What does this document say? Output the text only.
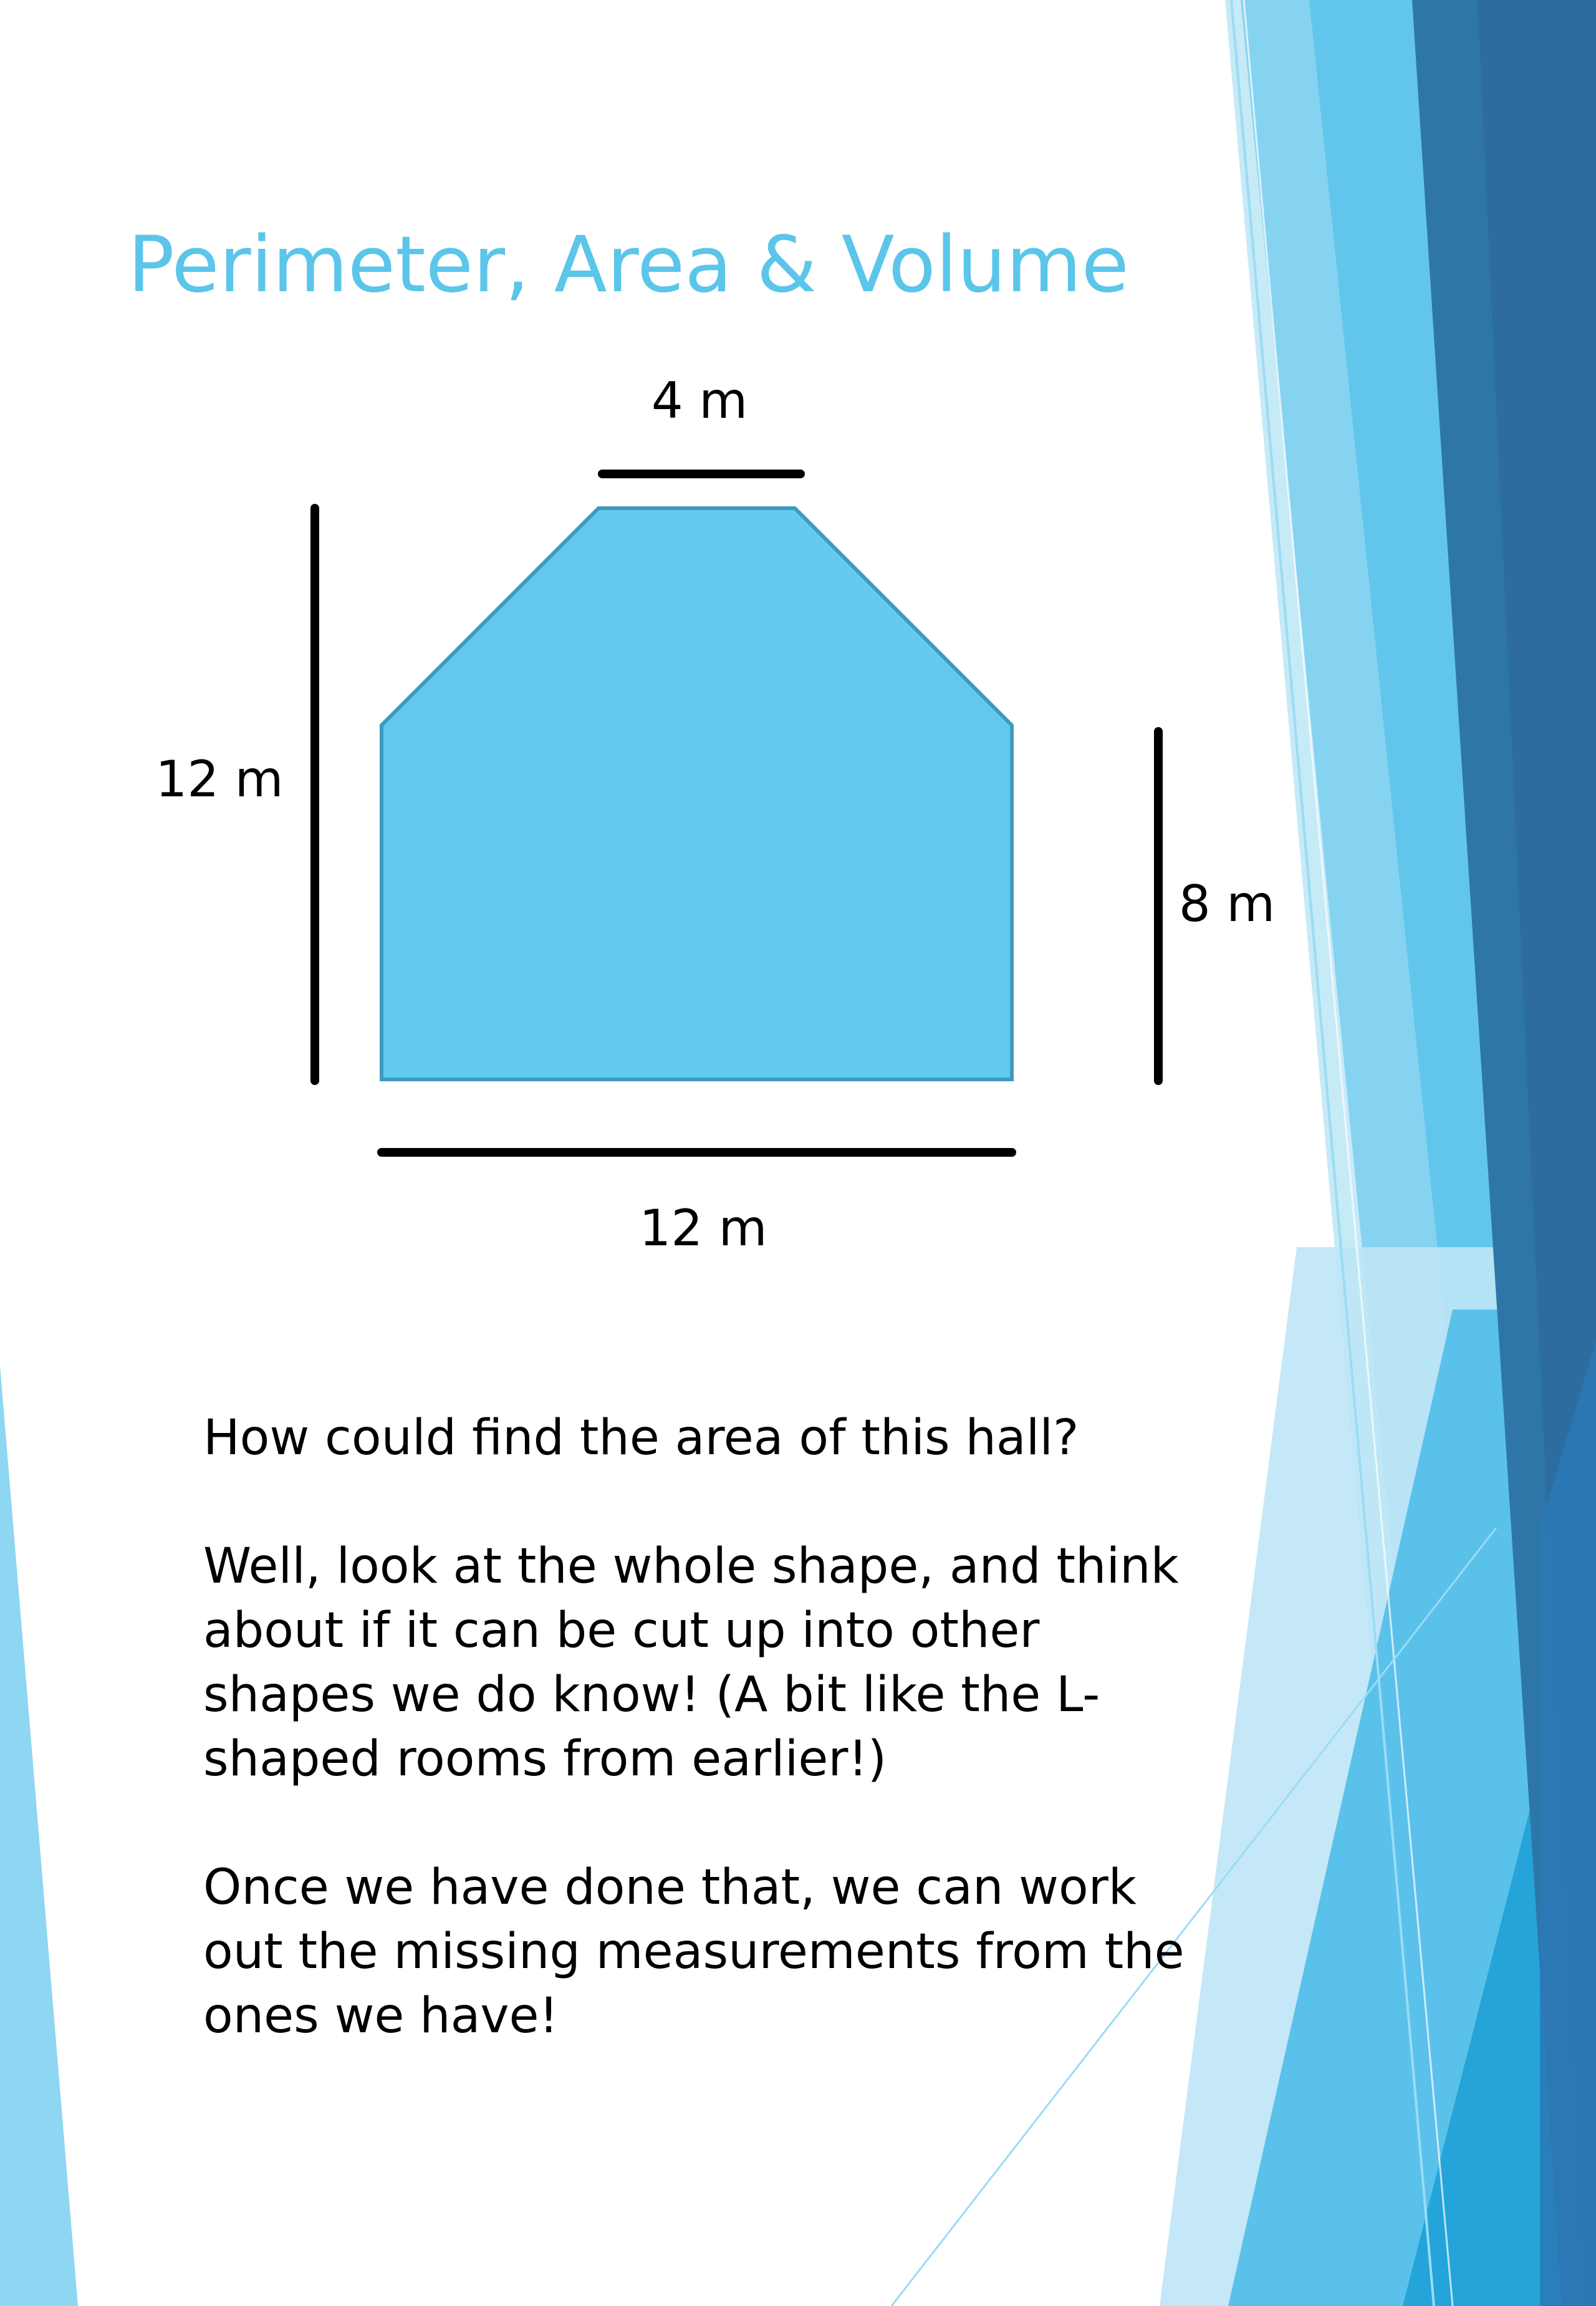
Perimeter, Area & Volume
4 m
12 m
8 m
12 m

How could find the area of this hall?

Well, look at the whole shape, and think about if it can be cut up into other shapes we do know! (A bit like the L-shaped rooms from earlier!)

Once we have done that, we can work out the missing measurements from the ones we have!
